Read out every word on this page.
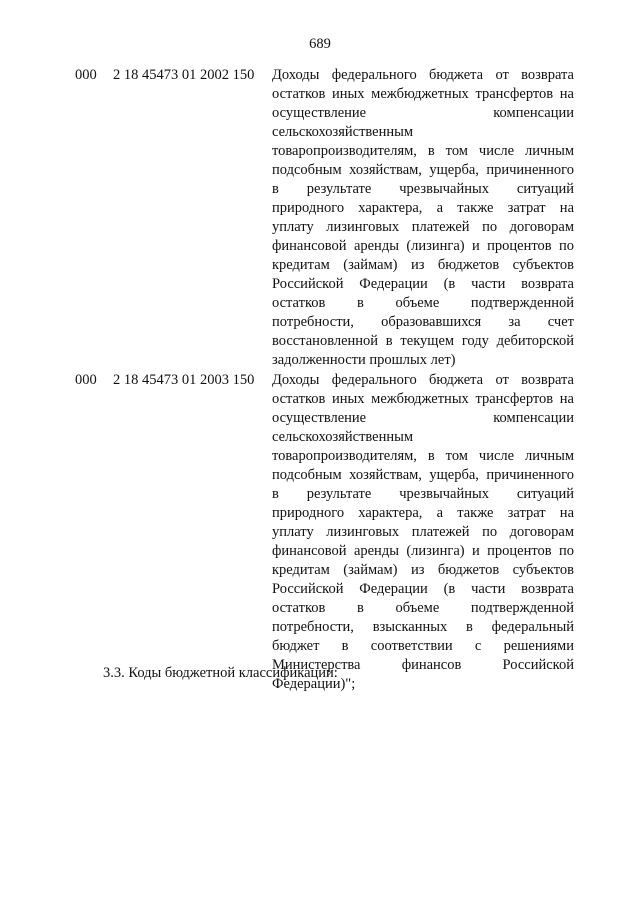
689
000	2 18 45473 01 2002 150	Доходы федерального бюджета от возврата
остатков иных межбюджетных трансфертов на
осуществление компенсации
сельскохозяйственным
товаропроизводителям, в том числе личным
подсобным хозяйствам, ущерба, причиненного
в результате чрезвычайных ситуаций
природного характера, а также затрат на
уплату лизинговых платежей по договорам
финансовой аренды (лизинга) и процентов по
кредитам (займам) из бюджетов субъектов
Российской Федерации (в части возврата
остатков в объеме подтвержденной
потребности, образовавшихся за счет
восстановленной в текущем году дебиторской
задолженности прошлых лет)
000	2 18 45473 01 2003 150	Доходы федерального бюджета от возврата
остатков иных межбюджетных трансфертов на
осуществление компенсации
сельскохозяйственным
товаропроизводителям, в том числе личным
подсобным хозяйствам, ущерба, причиненного
в результате чрезвычайных ситуаций
природного характера, а также затрат на
уплату лизинговых платежей по договорам
финансовой аренды (лизинга) и процентов по
кредитам (займам) из бюджетов субъектов
Российской Федерации (в части возврата
остатков в объеме подтвержденной
потребности, взысканных в федеральный
бюджет в соответствии с решениями
Министерства финансов Российской
Федерации)";
3.3. Коды бюджетной классификации:
